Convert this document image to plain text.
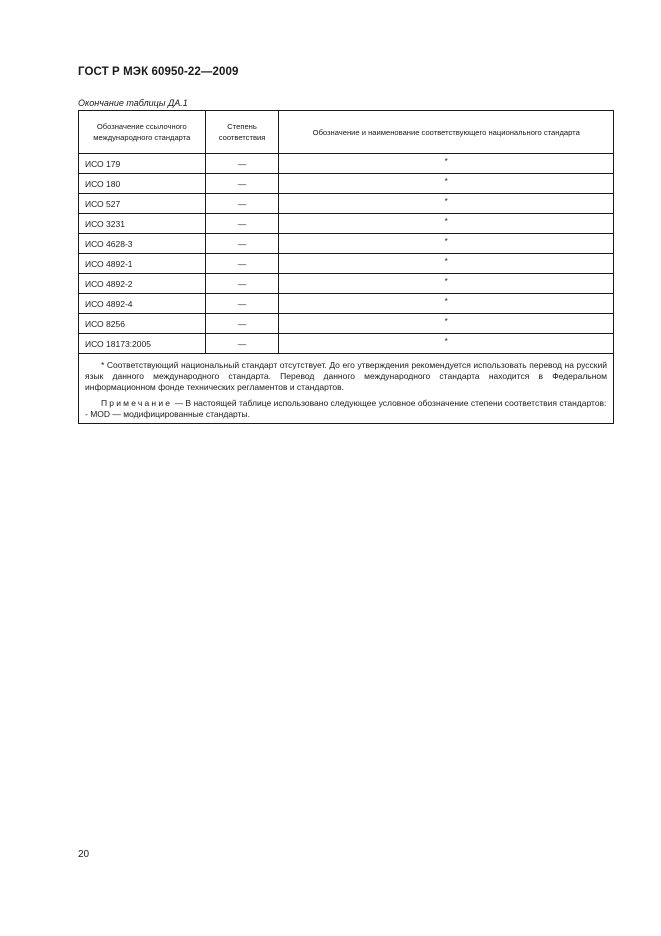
ГОСТ Р МЭК 60950-22—2009
Окончание таблицы ДА.1
Обозначение ссылочного международного стандарта	Степень соответствия	Обозначение и наименование соответствующего национального стандарта
ИСО 179	—	*
ИСО 180	—	*
ИСО 527	—	*
ИСО 3231	—	*
ИСО 4628-3	—	*
ИСО 4892-1	—	*
ИСО 4892-2	—	*
ИСО 4892-4	—	*
ИСО 8256	—	*
ИСО 18173:2005	—	*

* Соответствующий национальный стандарт отсутствует. До его утверждения рекомендуется использовать перевод на русский язык данного международного стандарта. Перевод данного международного стандарта находится в Федеральном информационном фонде технических регламентов и стандартов.

Примечание — В настоящей таблице использовано следующее условное обозначение степени соответствия стандартов:

- MOD — модифицированные стандарты.		

20
